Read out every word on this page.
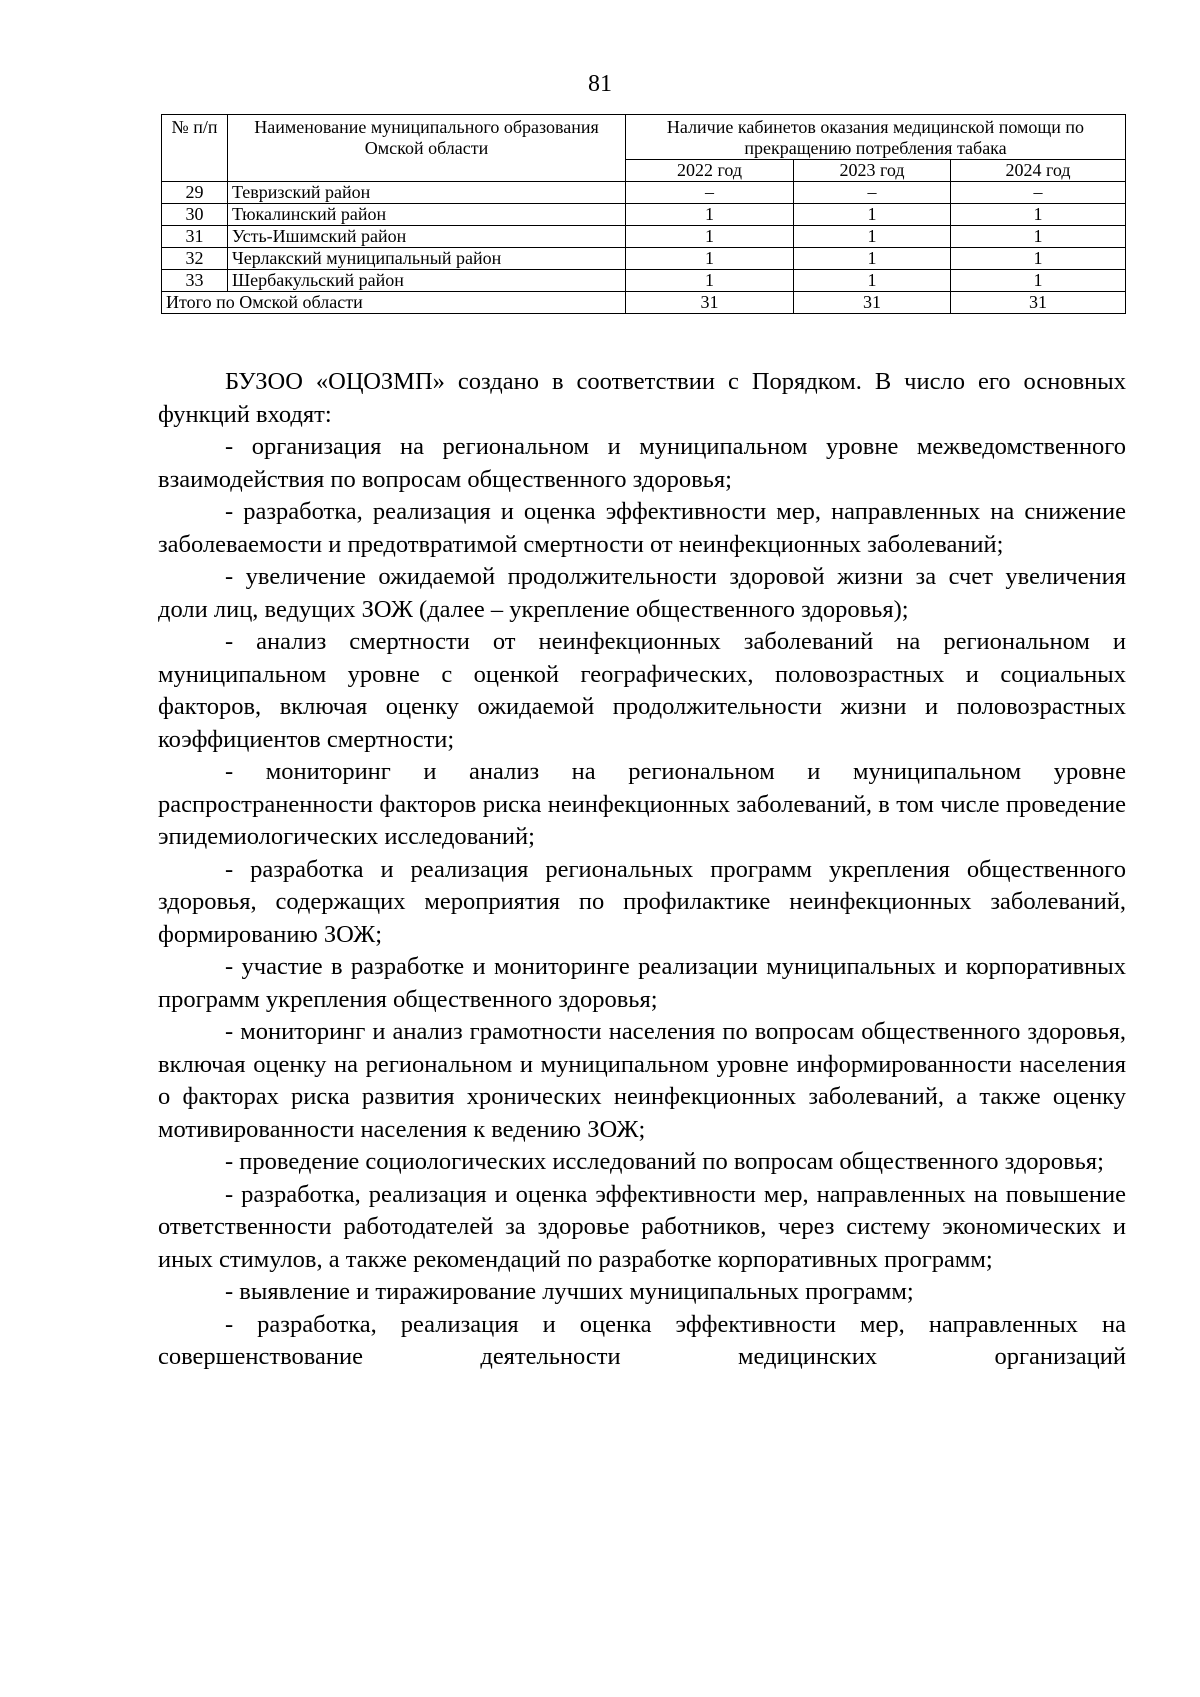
81
№ п/п	Наименование муниципального образования Омской области	Наличие кабинетов оказания медицинской помощи по прекращению потребления табака		
		2022 год	2023 год	2024 год
29	Тевризский район	–	–	–
30	Тюкалинский район	1	1	1
31	Усть-Ишимский район	1	1	1
32	Черлакский муниципальный район	1	1	1
33	Шербакульский район	1	1	1
Итого по Омской области		31	31	31

БУЗОО «ОЦОЗМП» создано в соответствии с Порядком. В число его основных функций входят:

- организация на региональном и муниципальном уровне межведомственного взаимодействия по вопросам общественного здоровья;

- разработка, реализация и оценка эффективности мер, направленных на снижение заболеваемости и предотвратимой смертности от неинфекционных заболеваний;

- увеличение ожидаемой продолжительности здоровой жизни за счет увеличения доли лиц, ведущих ЗОЖ (далее – укрепление общественного здоровья);

- анализ смертности от неинфекционных заболеваний на региональном и муниципальном уровне с оценкой географических, половозрастных и социальных факторов, включая оценку ожидаемой продолжительности жизни и половозрастных коэффициентов смертности;

- мониторинг и анализ на региональном и муниципальном уровне распространенности факторов риска неинфекционных заболеваний, в том числе проведение эпидемиологических исследований;

- разработка и реализация региональных программ укрепления общественного здоровья, содержащих мероприятия по профилактике неинфекционных заболеваний, формированию ЗОЖ;

- участие в разработке и мониторинге реализации муниципальных и корпоративных программ укрепления общественного здоровья;

- мониторинг и анализ грамотности населения по вопросам общественного здоровья, включая оценку на региональном и муниципальном уровне информированности населения о факторах риска развития хронических неинфекционных заболеваний, а также оценку мотивированности населения к ведению ЗОЖ;

- проведение социологических исследований по вопросам общественного здоровья;

- разработка, реализация и оценка эффективности мер, направленных на повышение ответственности работодателей за здоровье работников, через систему экономических и иных стимулов, а также рекомендаций по разработке корпоративных программ;

- выявление и тиражирование лучших муниципальных программ;

- разработка, реализация и оценка эффективности мер, направленных на совершенствование деятельности медицинских организаций
